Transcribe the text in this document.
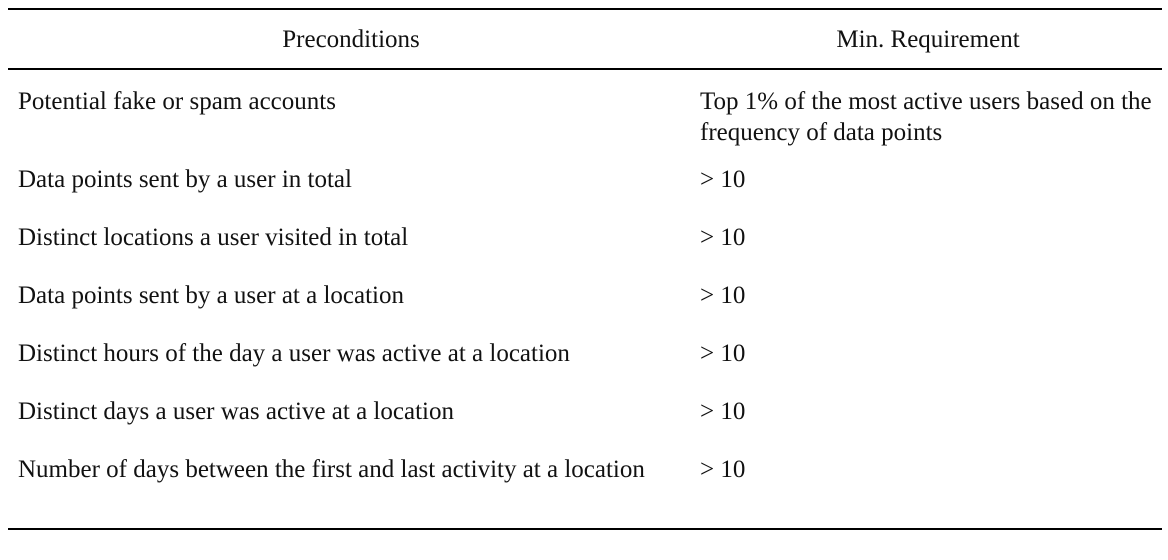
Preconditions	Min. Requirement
Potential fake or spam accounts	Top 1% of the most active users based on the frequency of data points
Data points sent by a user in total	> 10
Distinct locations a user visited in total	> 10
Data points sent by a user at a location	> 10
Distinct hours of the day a user was active at a location	> 10
Distinct days a user was active at a location	> 10
Number of days between the first and last activity at a location	> 10
